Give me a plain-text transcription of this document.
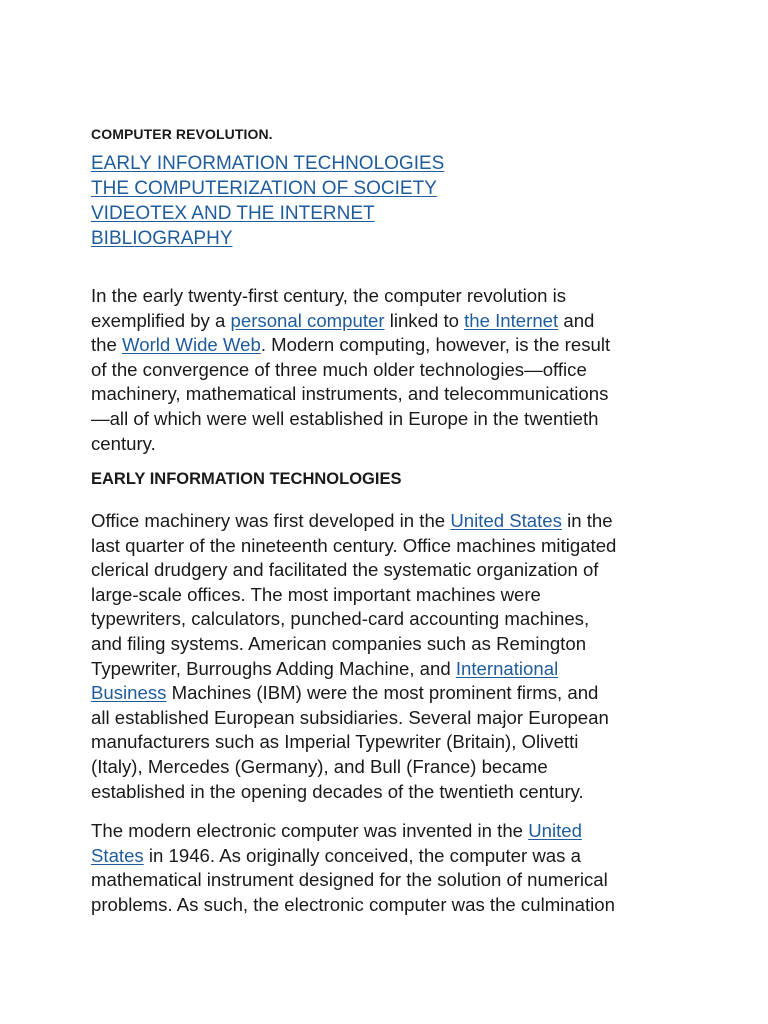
COMPUTER REVOLUTION.
EARLY INFORMATION TECHNOLOGIES
THE COMPUTERIZATION OF SOCIETY
VIDEOTEX AND THE INTERNET
BIBLIOGRAPHY

In the early twenty-first century, the computer revolution is
exemplified by a personal computer linked to the Internet and
the World Wide Web. Modern computing, however, is the result
of the convergence of three much older technologies—office
machinery, mathematical instruments, and telecommunications
—all of which were well established in Europe in the twentieth
century.

EARLY INFORMATION TECHNOLOGIES

Office machinery was first developed in the United States in the
last quarter of the nineteenth century. Office machines mitigated
clerical drudgery and facilitated the systematic organization of
large-scale offices. The most important machines were
typewriters, calculators, punched-card accounting machines,
and filing systems. American companies such as Remington
Typewriter, Burroughs Adding Machine, and International
Business Machines (IBM) were the most prominent firms, and
all established European subsidiaries. Several major European
manufacturers such as Imperial Typewriter (Britain), Olivetti
(Italy), Mercedes (Germany), and Bull (France) became
established in the opening decades of the twentieth century.

The modern electronic computer was invented in the United
States in 1946. As originally conceived, the computer was a
mathematical instrument designed for the solution of numerical
problems. As such, the electronic computer was the culmination
